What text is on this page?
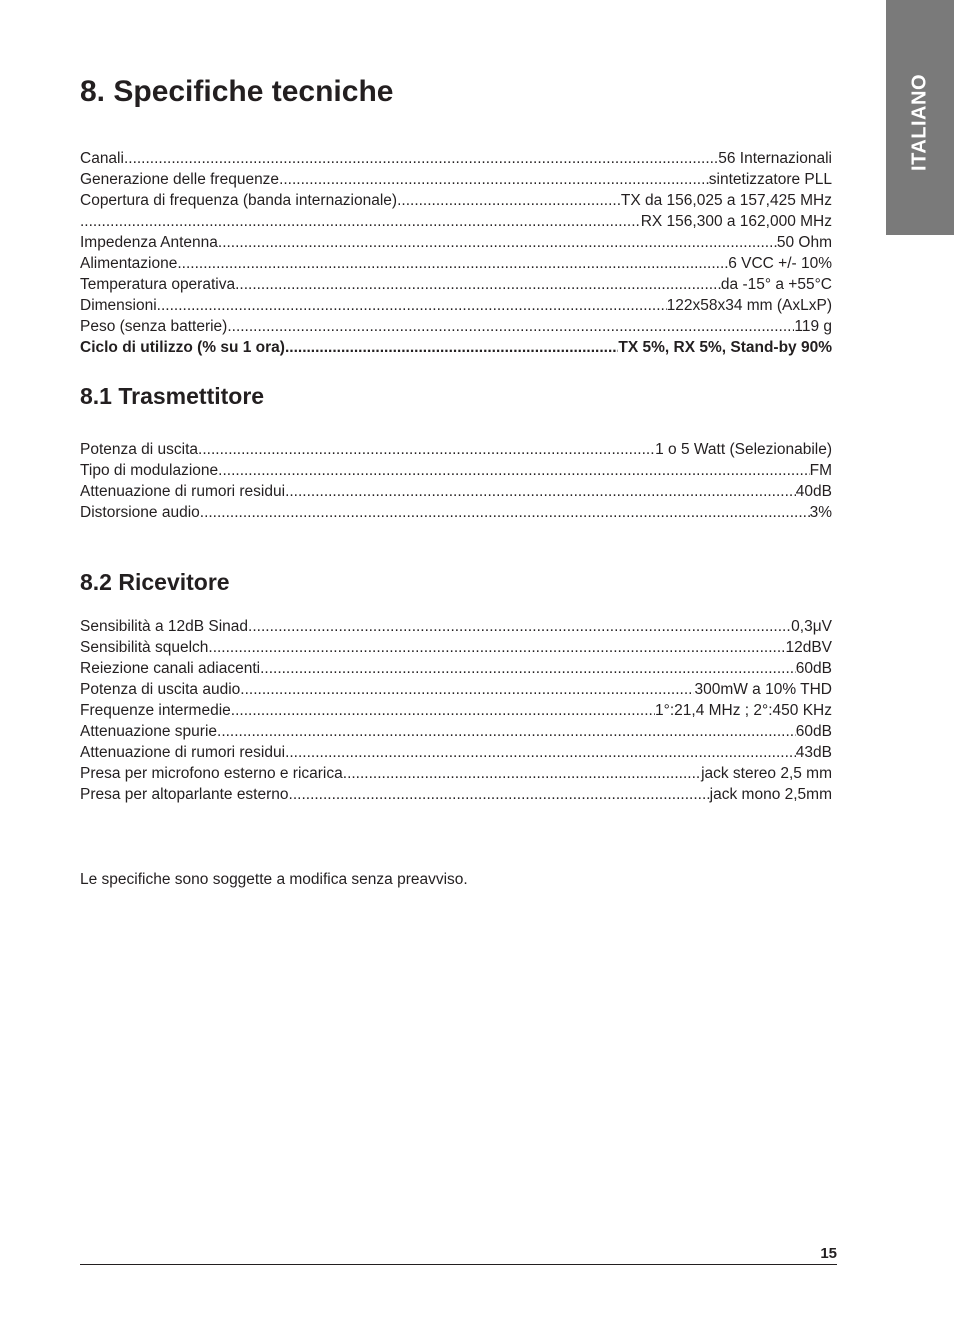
ITALIANO
8. Specifiche tecniche
Canali .....	56 Internazionali
Generazione delle frequenze .....	sintetizzatore PLL
Copertura di frequenza (banda internazionale) .....	TX da 156,025 a 157,425 MHz
.....
RX 156,300 a 162,000 MHz
Impedenza Antenna .....	50 Ohm
Alimentazione .....	6 VCC +/- 10%
Temperatura operativa .....	da -15° a +55°C
Dimensioni .....	122x58x34 mm (AxLxP)
Peso (senza batterie) .....	119 g
Ciclo di utilizzo (% su 1 ora) .....	TX 5%, RX 5%, Stand-by 90%
8.1 Trasmettitore
Potenza di uscita .....	1 o 5 Watt (Selezionabile)
Tipo di modulazione .....	FM
Attenuazione di rumori residui .....	40dB
Distorsione audio .....	3%
8.2 Ricevitore
Sensibilità a 12dB Sinad .....	0,3μV
Sensibilità squelch .....	12dBV
Reiezione canali adiacenti .....	60dB
Potenza di uscita audio .....	300mW a 10% THD
Frequenze intermedie .....	1°:21,4 MHz ; 2°:450 KHz
Attenuazione spurie .....	60dB
Attenuazione di rumori residui .....	43dB
Presa per microfono esterno e ricarica .....	jack stereo 2,5 mm
Presa per altoparlante esterno .....	jack mono 2,5mm

Le specifiche sono soggette a modifica senza preavviso.

15
